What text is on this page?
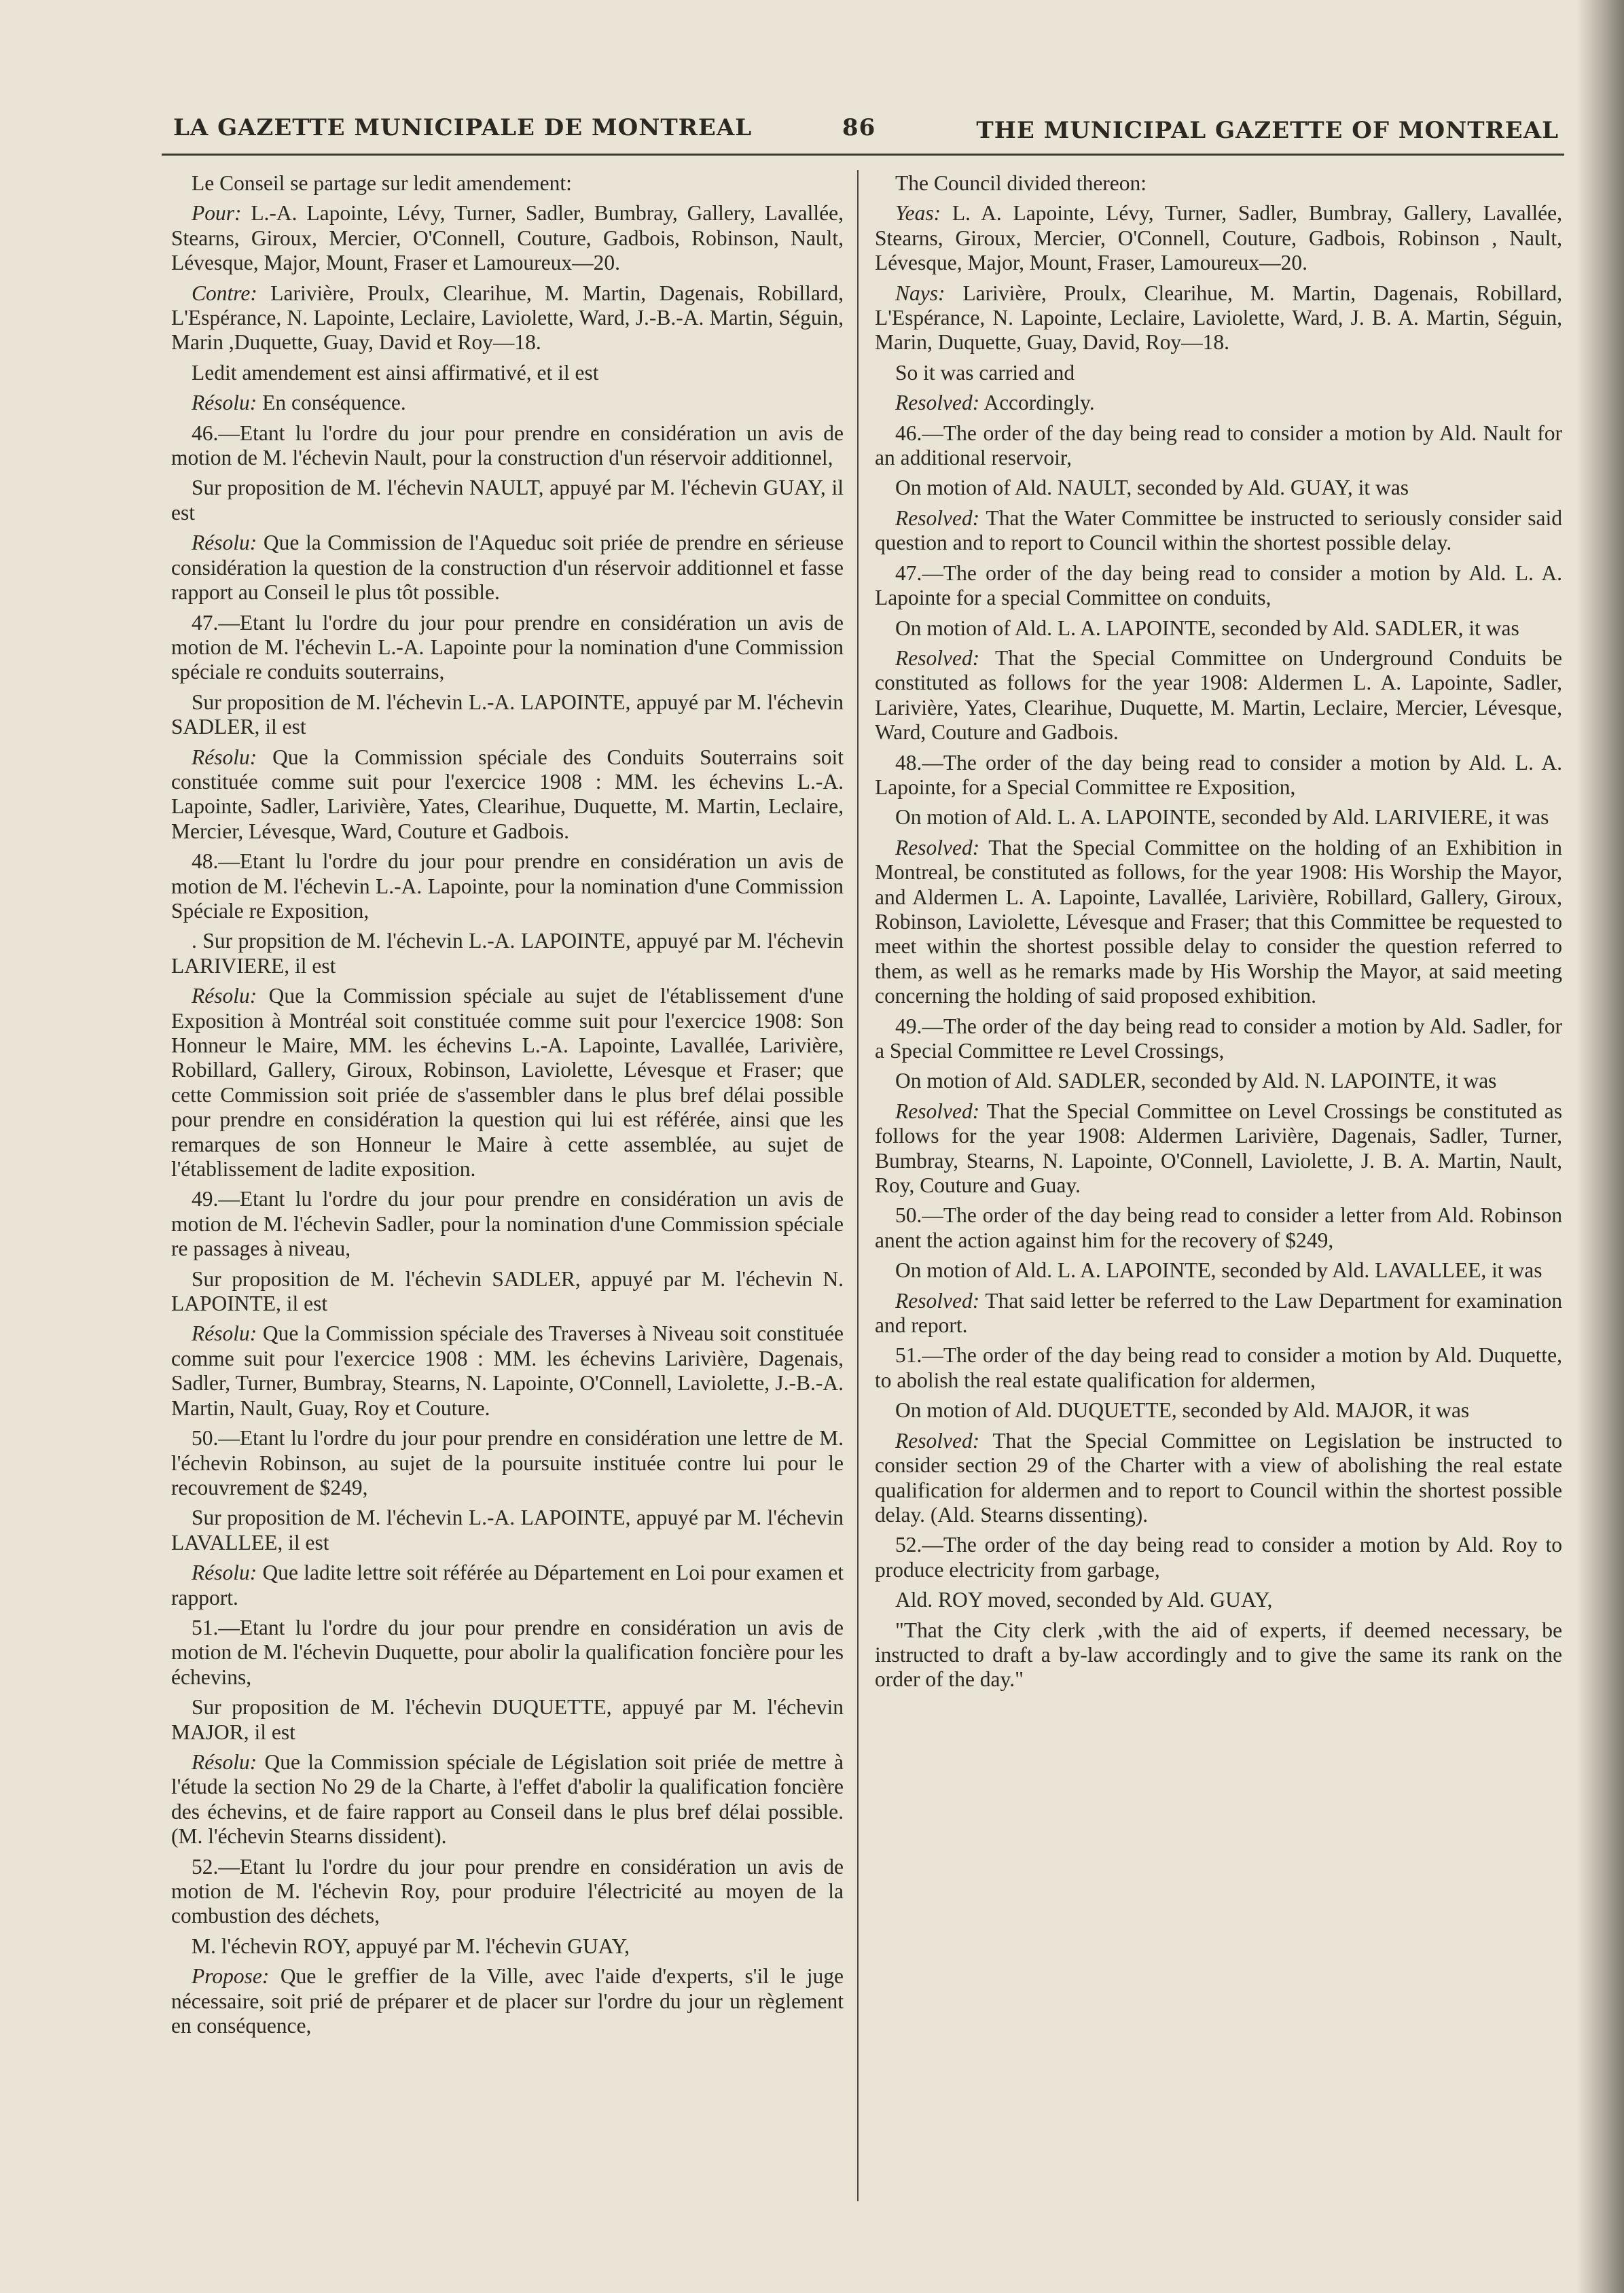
LA GAZETTE MUNICIPALE DE MONTREAL	86	THE MUNICIPAL GAZETTE OF MONTREAL

Le Conseil se partage sur ledit amendement:

Pour: L.-A. Lapointe, Lévy, Turner, Sadler, Bumbray, Gallery, Lavallée, Stearns, Giroux, Mercier, O'Connell, Couture, Gadbois, Robinson, Nault, Lévesque, Major, Mount, Fraser et Lamoureux—20.

Contre: Larivière, Proulx, Clearihue, M. Martin, Dagenais, Robillard, L'Espérance, N. Lapointe, Leclaire, Laviolette, Ward, J.-B.-A. Martin, Séguin, Marin ,Duquette, Guay, David et Roy—18.

Ledit amendement est ainsi affirmativé, et il est

Résolu: En conséquence.

46.—Etant lu l'ordre du jour pour prendre en considération un avis de motion de M. l'échevin Nault, pour la construction d'un réservoir additionnel,

Sur proposition de M. l'échevin NAULT, appuyé par M. l'échevin GUAY, il est

Résolu: Que la Commission de l'Aqueduc soit priée de prendre en sérieuse considération la question de la construction d'un réservoir additionnel et fasse rapport au Conseil le plus tôt possible.

47.—Etant lu l'ordre du jour pour prendre en considération un avis de motion de M. l'échevin L.-A. Lapointe pour la nomination d'une Commission spéciale re conduits souterrains,

Sur proposition de M. l'échevin L.-A. LAPOINTE, appuyé par M. l'échevin SADLER, il est

Résolu: Que la Commission spéciale des Conduits Souterrains soit constituée comme suit pour l'exercice 1908 : MM. les échevins L.-A. Lapointe, Sadler, Larivière, Yates, Clearihue, Duquette, M. Martin, Leclaire, Mercier, Lévesque, Ward, Couture et Gadbois.

48.—Etant lu l'ordre du jour pour prendre en considération un avis de motion de M. l'échevin L.-A. Lapointe, pour la nomination d'une Commission Spéciale re Exposition,

. Sur propsition de M. l'échevin L.-A. LAPOINTE, appuyé par M. l'échevin LARIVIERE, il est

Résolu: Que la Commission spéciale au sujet de l'établissement d'une Exposition à Montréal soit constituée comme suit pour l'exercice 1908: Son Honneur le Maire, MM. les échevins L.-A. Lapointe, Lavallée, Larivière, Robillard, Gallery, Giroux, Robinson, Laviolette, Lévesque et Fraser; que cette Commission soit priée de s'assembler dans le plus bref délai possible pour prendre en considération la question qui lui est référée, ainsi que les remarques de son Honneur le Maire à cette assemblée, au sujet de l'établissement de ladite exposition.

49.—Etant lu l'ordre du jour pour prendre en considération un avis de motion de M. l'échevin Sadler, pour la nomination d'une Commission spéciale re passages à niveau,

Sur proposition de M. l'échevin SADLER, appuyé par M. l'échevin N. LAPOINTE, il est

Résolu: Que la Commission spéciale des Traverses à Niveau soit constituée comme suit pour l'exercice 1908 : MM. les échevins Larivière, Dagenais, Sadler, Turner, Bumbray, Stearns, N. Lapointe, O'Connell, Laviolette, J.-B.-A. Martin, Nault, Guay, Roy et Couture.

50.—Etant lu l'ordre du jour pour prendre en considération une lettre de M. l'échevin Robinson, au sujet de la poursuite instituée contre lui pour le recouvrement de $249,

Sur proposition de M. l'échevin L.-A. LAPOINTE, appuyé par M. l'échevin LAVALLEE, il est

Résolu: Que ladite lettre soit référée au Département en Loi pour examen et rapport.

51.—Etant lu l'ordre du jour pour prendre en considération un avis de motion de M. l'échevin Duquette, pour abolir la qualification foncière pour les échevins,

Sur proposition de M. l'échevin DUQUETTE, appuyé par M. l'échevin MAJOR, il est

Résolu: Que la Commission spéciale de Législation soit priée de mettre à l'étude la section No 29 de la Charte, à l'effet d'abolir la qualification foncière des échevins, et de faire rapport au Conseil dans le plus bref délai possible. (M. l'échevin Stearns dissident).

52.—Etant lu l'ordre du jour pour prendre en considération un avis de motion de M. l'échevin Roy, pour produire l'électricité au moyen de la combustion des déchets,

M. l'échevin ROY, appuyé par M. l'échevin GUAY,

Propose: Que le greffier de la Ville, avec l'aide d'experts, s'il le juge nécessaire, soit prié de préparer et de placer sur l'ordre du jour un règlement en conséquence,

The Council divided thereon:

Yeas: L. A. Lapointe, Lévy, Turner, Sadler, Bumbray, Gallery, Lavallée, Stearns, Giroux, Mercier, O'Connell, Couture, Gadbois, Robinson , Nault, Lévesque, Major, Mount, Fraser, Lamoureux—20.

Nays: Larivière, Proulx, Clearihue, M. Martin, Dagenais, Robillard, L'Espérance, N. Lapointe, Leclaire, Laviolette, Ward, J. B. A. Martin, Séguin, Marin, Duquette, Guay, David, Roy—18.

So it was carried and

Resolved: Accordingly.

46.—The order of the day being read to consider a motion by Ald. Nault for an additional reservoir,

On motion of Ald. NAULT, seconded by Ald. GUAY, it was

Resolved: That the Water Committee be instructed to seriously consider said question and to report to Council within the shortest possible delay.

47.—The order of the day being read to consider a motion by Ald. L. A. Lapointe for a special Committee on conduits,

On motion of Ald. L. A. LAPOINTE, seconded by Ald. SADLER, it was

Resolved: That the Special Committee on Underground Conduits be constituted as follows for the year 1908: Aldermen L. A. Lapointe, Sadler, Larivière, Yates, Clearihue, Duquette, M. Martin, Leclaire, Mercier, Lévesque, Ward, Couture and Gadbois.

48.—The order of the day being read to consider a motion by Ald. L. A. Lapointe, for a Special Committee re Exposition,

On motion of Ald. L. A. LAPOINTE, seconded by Ald. LARIVIERE, it was

Resolved: That the Special Committee on the holding of an Exhibition in Montreal, be constituted as follows, for the year 1908: His Worship the Mayor, and Aldermen L. A. Lapointe, Lavallée, Larivière, Robillard, Gallery, Giroux, Robinson, Laviolette, Lévesque and Fraser; that this Committee be requested to meet within the shortest possible delay to consider the question referred to them, as well as he remarks made by His Worship the Mayor, at said meeting concerning the holding of said proposed exhibition.

49.—The order of the day being read to consider a motion by Ald. Sadler, for a Special Committee re Level Crossings,

On motion of Ald. SADLER, seconded by Ald. N. LAPOINTE, it was

Resolved: That the Special Committee on Level Crossings be constituted as follows for the year 1908: Aldermen Larivière, Dagenais, Sadler, Turner, Bumbray, Stearns, N. Lapointe, O'Connell, Laviolette, J. B. A. Martin, Nault, Roy, Couture and Guay.

50.—The order of the day being read to consider a letter from Ald. Robinson anent the action against him for the recovery of $249,

On motion of Ald. L. A. LAPOINTE, seconded by Ald. LAVALLEE, it was

Resolved: That said letter be referred to the Law Department for examination and report.

51.—The order of the day being read to consider a motion by Ald. Duquette, to abolish the real estate qualification for aldermen,

On motion of Ald. DUQUETTE, seconded by Ald. MAJOR, it was

Resolved: That the Special Committee on Legislation be instructed to consider section 29 of the Charter with a view of abolishing the real estate qualification for aldermen and to report to Council within the shortest possible delay. (Ald. Stearns dissenting).

52.—The order of the day being read to consider a motion by Ald. Roy to produce electricity from garbage,

Ald. ROY moved, seconded by Ald. GUAY,

"That the City clerk ,with the aid of experts, if deemed necessary, be instructed to draft a by-law accordingly and to give the same its rank on the order of the day."
